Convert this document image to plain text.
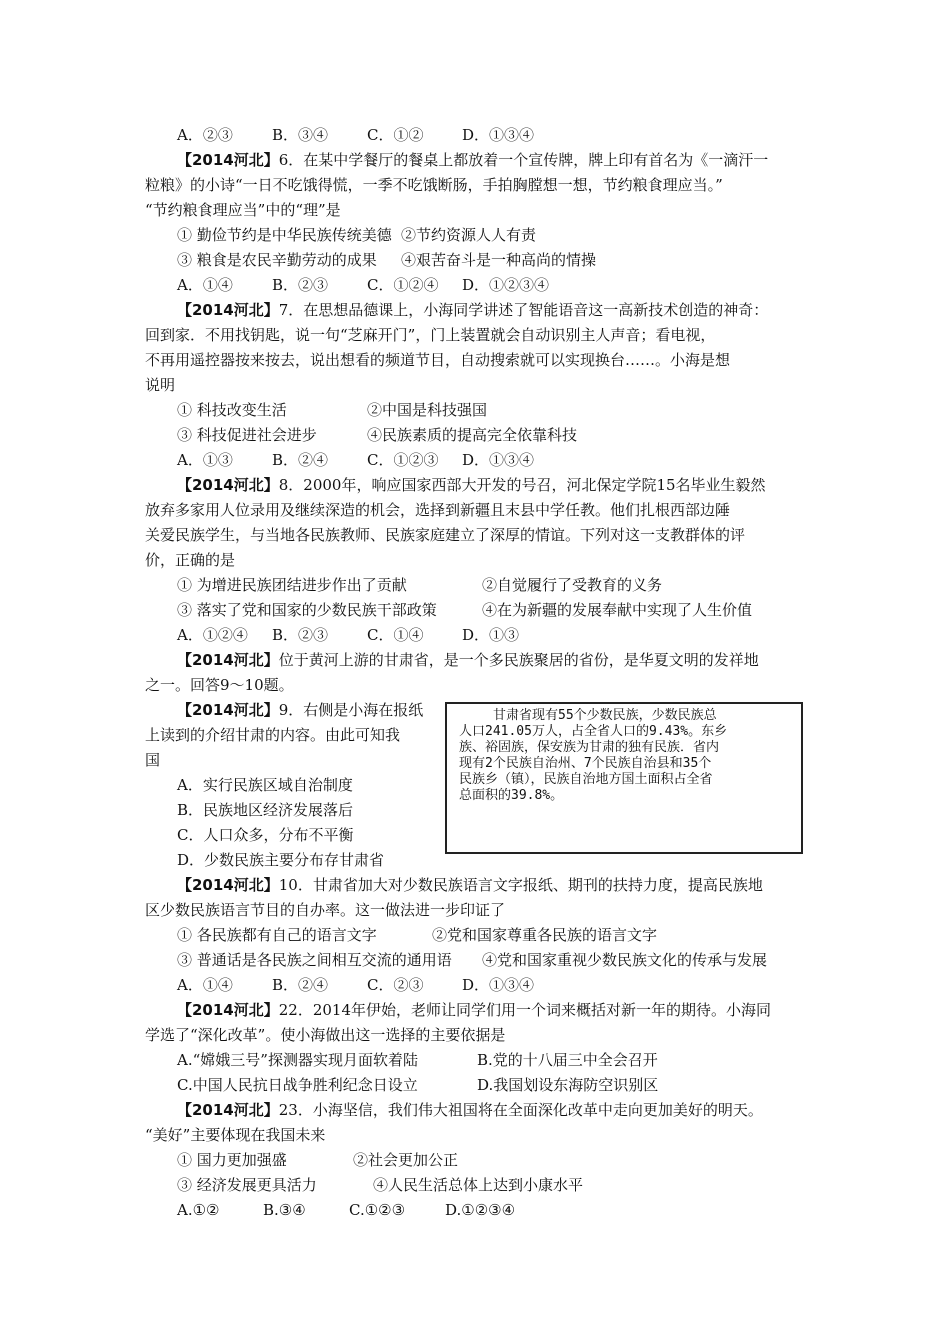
A．②③	B．③④	C．①②	D．①③④
【2014河北】6．在某中学餐厅的餐桌上都放着一个宣传牌，牌上印有首名为《一滴汗一
粒粮》的小诗“一日不吃饿得慌，一季不吃饿断肠，手拍胸膛想一想，节约粮食理应当。”
“节约粮食理应当”中的“理”是
① 勤俭节约是中华民族传统美德 ②节约资源人人有责
③ 粮食是农民辛勤劳动的成果 ④艰苦奋斗是一种高尚的情操
A．①④	B．②③	C．①②④ D．①②③④
【2014河北】7．在思想品德课上，小海同学讲述了智能语音这一高新技术创造的神奇：
回到家．不用找钥匙，说一句“芝麻开门”，门上装置就会自动识别主人声音；看电视，
不再用遥控器按来按去，说出想看的频道节目，自动搜索就可以实现换台……。小海是想
说明
① 科技改变生活	②中国是科技强国
③ 科技促进社会进步	④民族素质的提高完全依靠科技
A．①③	B．②④	C．①②③ D．①③④
【2014河北】8．2000年，响应国家西部大开发的号召，河北保定学院15名毕业生毅然
放弃多家用人位录用及继续深造的机会，选择到新疆且末县中学任教。他们扎根西部边陲
关爱民族学生，与当地各民族教师、民族家庭建立了深厚的情谊。下列对这一支教群体的评
价，正确的是
① 为增进民族团结进步作出了贡献	②自觉履行了受教育的义务
③ 落实了党和国家的少数民族干部政策	④在为新疆的发展奉献中实现了人生价值
A．①②④ B．②③	C．①④	D．①③
【2014河北】位于黄河上游的甘肃省，是一个多民族聚居的省份，是华夏文明的发祥地
之一。回答9～10题。
【2014河北】9．右侧是小海在报纸
上读到的介绍甘肃的内容。由此可知我
国
A．实行民族区域自治制度
B．民族地区经济发展落后
C．人口众多，分布不平衡
D．少数民族主要分布存甘肃省
甘肃省现有55个少数民族，少数民族总
人口241.05万人，占全省人口的9.43%。东乡
族、裕固族，保安族为甘肃的独有民族．省内
现有2个民族自治州、7个民族自治县和35个
民族乡（镇），民族自治地方国土面积占全省
总面积的39.8%。
【2014河北】10．甘肃省加大对少数民族语言文字报纸、期刊的扶持力度，提高民族地
区少数民族语言节目的自办率。这一做法进一步印证了
① 各民族都有自己的语言文字	②党和国家尊重各民族的语言文字
③ 普通话是各民族之间相互交流的通用语 ④党和国家重视少数民族文化的传承与发展
A．①④	B．②④	C．②③	D．①③④
【2014河北】22．2014年伊始，老师让同学们用一个词来概括对新一年的期待。小海同
学选了“深化改革”。使小海做出这一选择的主要依据是
A.“嫦娥三号”探测器实现月面软着陆	B.党的十八届三中全会召开
C.中国人民抗日战争胜利纪念日设立	D.我国划设东海防空识别区
【2014河北】23．小海坚信，我们伟大祖国将在全面深化改革中走向更加美好的明天。
“美好”主要体现在我国未来
① 国力更加强盛	②社会更加公正
③ 经济发展更具活力	④人民生活总体上达到小康水平
A.①②	B.③④	C.①②③	D.①②③④
